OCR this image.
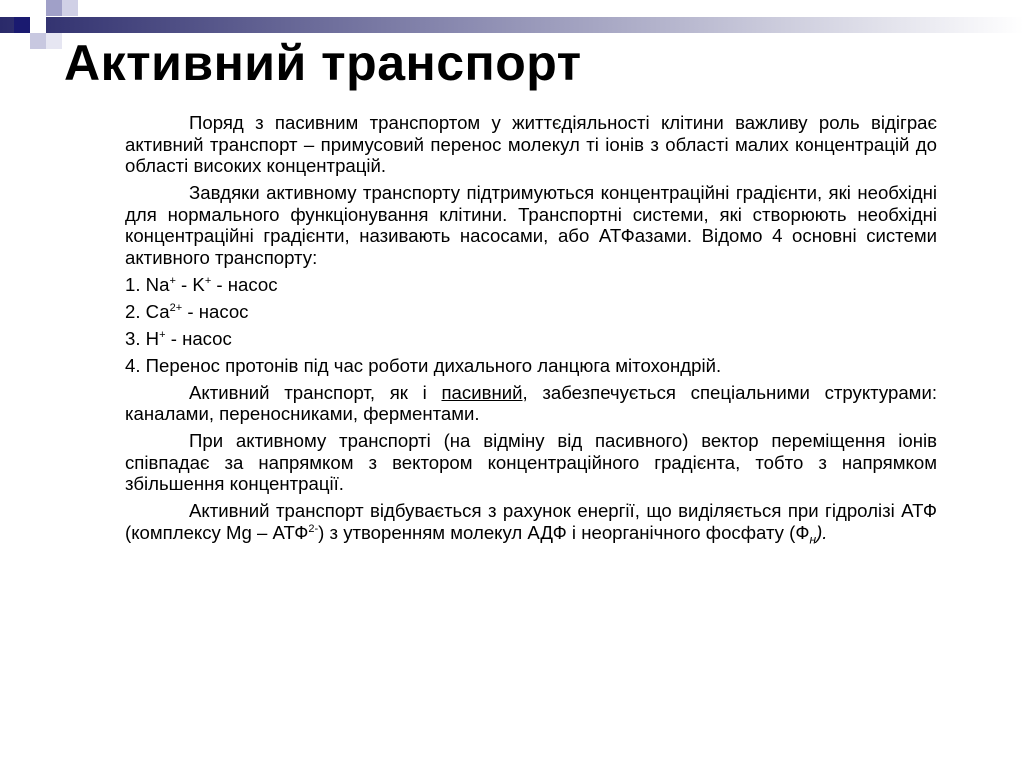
Активний транспорт

Поряд з пасивним транспортом у життєдіяльності клітини важливу роль відіграє активний транспорт – примусовий перенос молекул ті іонів з області малих концентрацій до області високих концентрацій.

Завдяки активному транспорту підтримуються концентраційні градієнти, які необхідні для нормального функціонування клітини. Транспортні системи, які створюють необхідні концентраційні градієнти, називають насосами, або АТФазами. Відомо 4 основні системи активного транспорту:

1. Na+ - K+ - насос

2. $Са^{2+}$ - насос

3. Н+ - насос

4. Перенос протонів під час роботи дихального ланцюга мітохондрій.

Активний транспорт, як і пасивний, забезпечується спеціальними структурами: каналами, переносниками, ферментами.

При активному транспорті (на відміну від пасивного) вектор переміщення іонів співпадає за напрямком з вектором концентраційного градієнта, тобто з напрямком збільшення концентрації.

Активний транспорт відбувається з рахунок енергії, що виділяється при гідролізі АТФ (комплексу Mg – $АТФ^{2-}$) з утворенням молекул АДФ і неорганічного фосфату $(Ф_н)$.
